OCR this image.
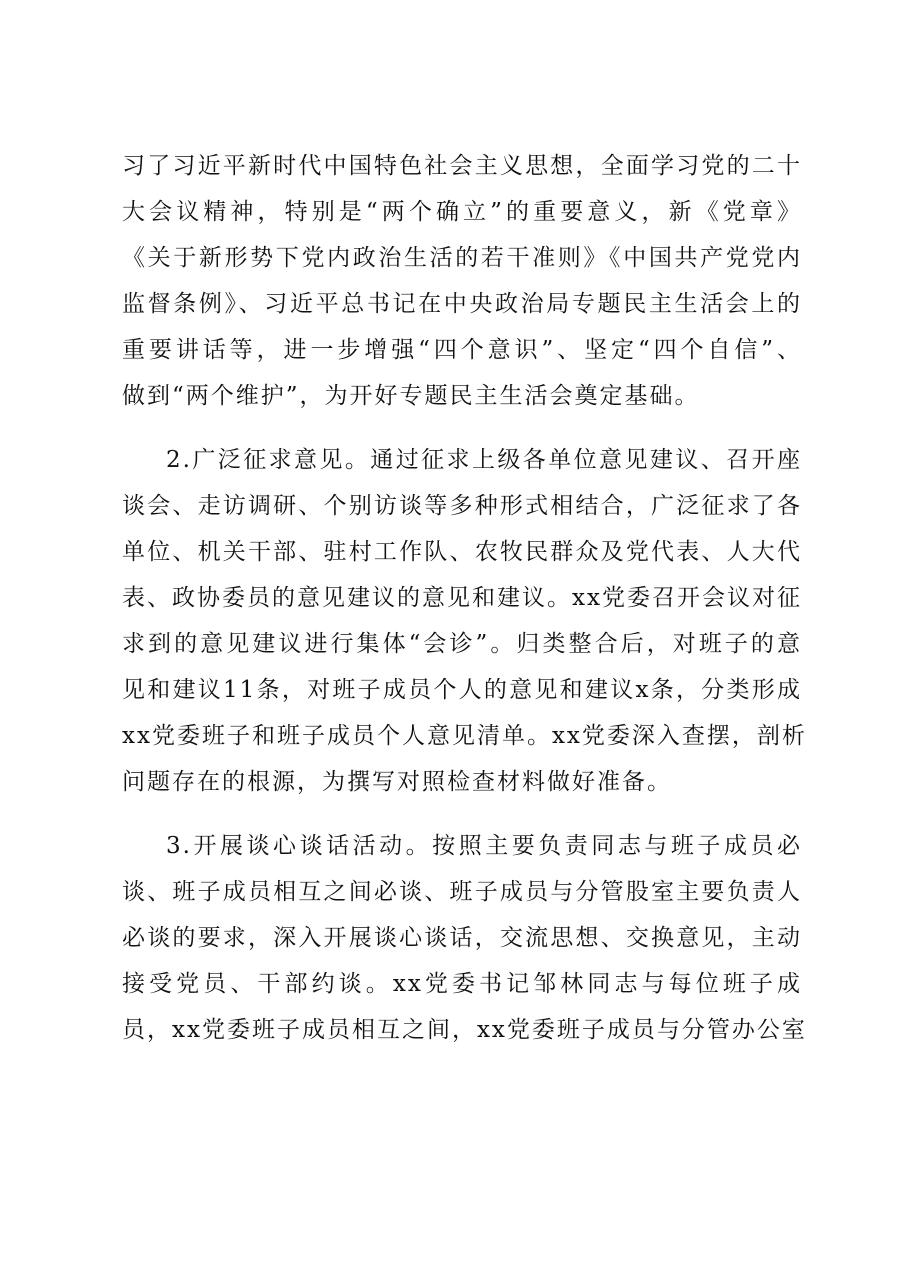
习了习近平新时代中国特色社会主义思想，全面学习党的二十
大会议精神，特别是“两个确立”的重要意义，新《党章》
《关于新形势下党内政治生活的若干准则》《中国共产党党内
监督条例》、习近平总书记在中央政治局专题民主生活会上的
重要讲话等，进一步增强“四个意识”、坚定“四个自信”、
做到“两个维护”，为开好专题民主生活会奠定基础。
2.广泛征求意见。通过征求上级各单位意见建议、召开座
谈会、走访调研、个别访谈等多种形式相结合，广泛征求了各
单位、机关干部、驻村工作队、农牧民群众及党代表、人大代
表、政协委员的意见建议的意见和建议。xx党委召开会议对征
求到的意见建议进行集体“会诊”。归类整合后，对班子的意
见和建议11条，对班子成员个人的意见和建议x条，分类形成
xx党委班子和班子成员个人意见清单。xx党委深入查摆，剖析
问题存在的根源，为撰写对照检查材料做好准备。
3.开展谈心谈话活动。按照主要负责同志与班子成员必
谈、班子成员相互之间必谈、班子成员与分管股室主要负责人
必谈的要求，深入开展谈心谈话，交流思想、交换意见，主动
接受党员、干部约谈。xx党委书记邹林同志与每位班子成
员，xx党委班子成员相互之间，xx党委班子成员与分管办公室
